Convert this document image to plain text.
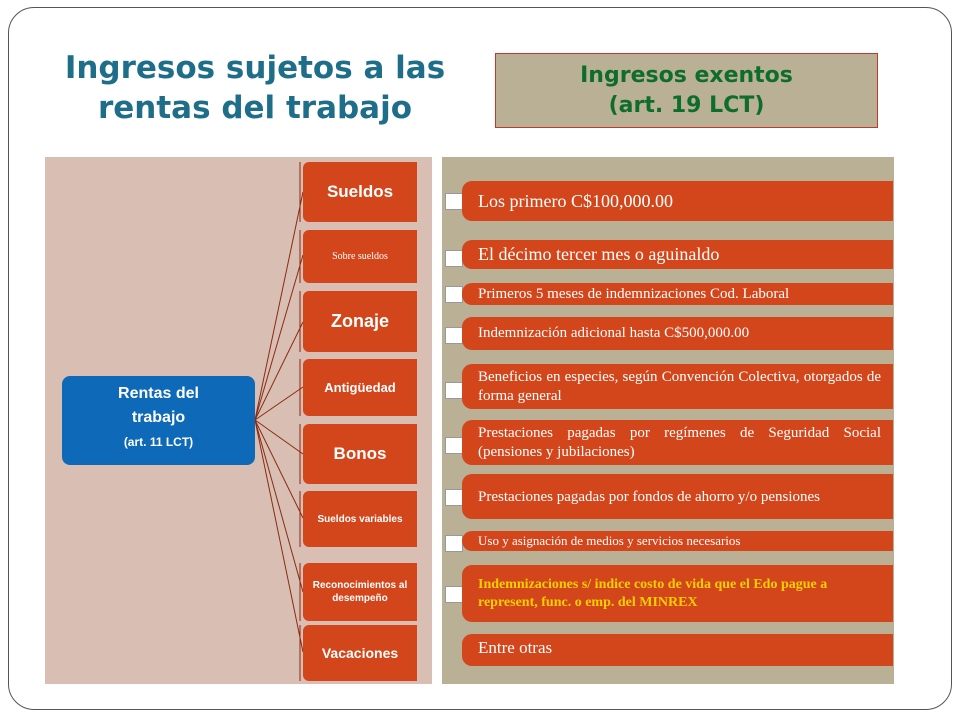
Ingresos sujetos a las
rentas del trabajo
Ingresos exentos
(art. 19 LCT)
Rentas del
trabajo
(art. 11 LCT)
Sueldos
Sobre sueldos
Zonaje
Antigüedad
Bonos
Sueldos variables
Reconocimientos al desempeño
Vacaciones
Los primero C$100,000.00
El décimo tercer mes o aguinaldo
Primeros 5 meses de indemnizaciones Cod. Laboral
Indemnización adicional hasta C$500,000.00
Beneficios en especies, según Convención Colectiva, otorgados de forma general
Prestaciones pagadas por regímenes de Seguridad Social (pensiones y jubilaciones)
Prestaciones pagadas por fondos de ahorro y/o pensiones
Uso y asignación de medios y servicios necesarios
Indemnizaciones s/ indice costo de vida que el Edo pague a represent, func. o emp. del MINREX
Entre otras
